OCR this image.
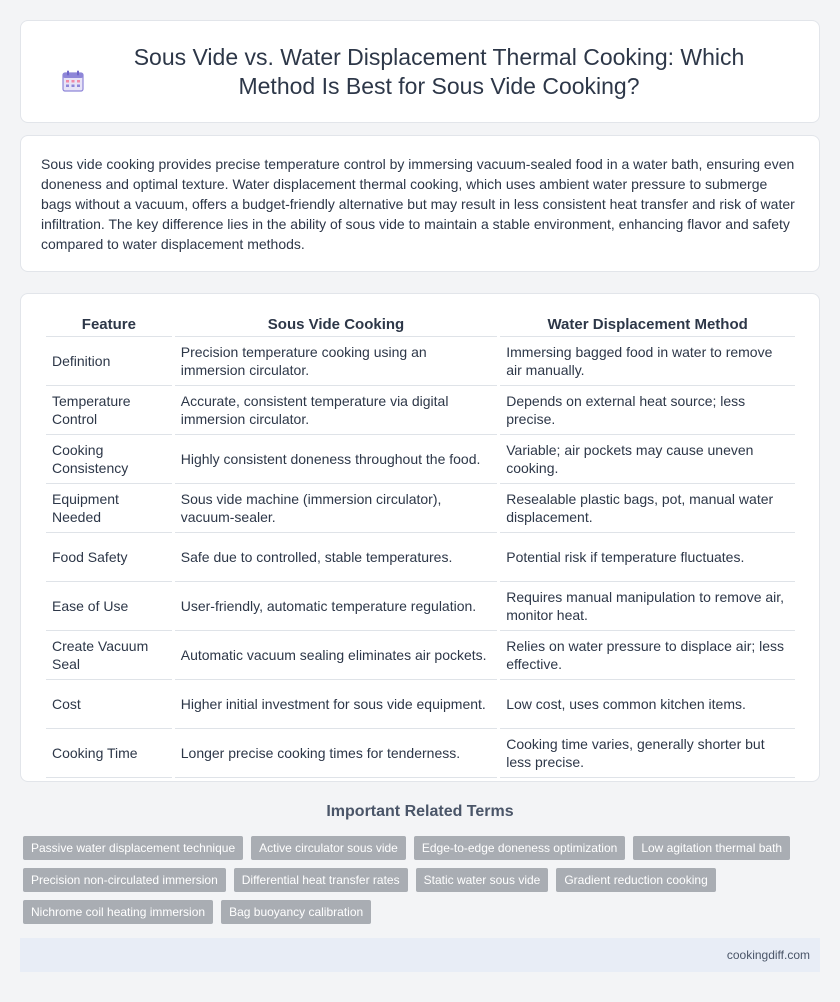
Sous Vide vs. Water Displacement Thermal Cooking: Which Method Is Best for Sous Vide Cooking?

Sous vide cooking provides precise temperature control by immersing vacuum-sealed food in a water bath, ensuring even doneness and optimal texture. Water displacement thermal cooking, which uses ambient water pressure to submerge bags without a vacuum, offers a budget-friendly alternative but may result in less consistent heat transfer and risk of water infiltration. The key difference lies in the ability of sous vide to maintain a stable environment, enhancing flavor and safety compared to water displacement methods.

Feature	Sous Vide Cooking	Water Displacement Method
Definition	Precision temperature cooking using an immersion circulator.	Immersing bagged food in water to remove air manually.
Temperature Control	Accurate, consistent temperature via digital immersion circulator.	Depends on external heat source; less precise.
Cooking Consistency	Highly consistent doneness throughout the food.	Variable; air pockets may cause uneven cooking.
Equipment Needed	Sous vide machine (immersion circulator), vacuum-sealer.	Resealable plastic bags, pot, manual water displacement.
Food Safety	Safe due to controlled, stable temperatures.	Potential risk if temperature fluctuates.
Ease of Use	User-friendly, automatic temperature regulation.	Requires manual manipulation to remove air, monitor heat.
Create Vacuum Seal	Automatic vacuum sealing eliminates air pockets.	Relies on water pressure to displace air; less effective.
Cost	Higher initial investment for sous vide equipment.	Low cost, uses common kitchen items.
Cooking Time	Longer precise cooking times for tenderness.	Cooking time varies, generally shorter but less precise.
Important Related Terms
Passive water displacement technique	Active circulator sous vide	Edge-to-edge doneness optimization	Low agitation thermal bath
Precision non-circulated immersion	Differential heat transfer rates	Static water sous vide	Gradient reduction cooking
Nichrome coil heating immersion	Bag buoyancy calibration
cookingdiff.com
